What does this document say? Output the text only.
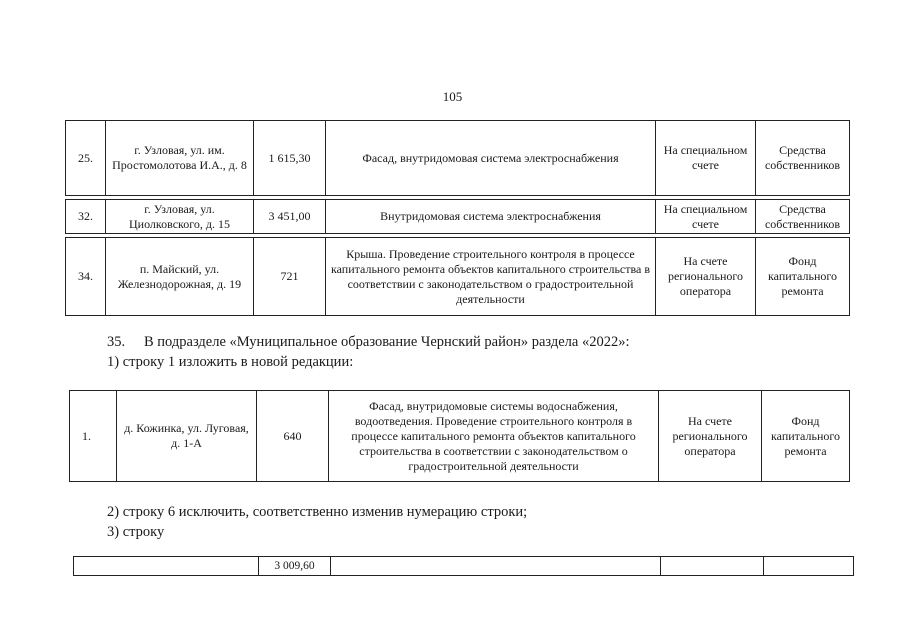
105
25.	г. Узловая, ул. им. Простомолотова И.А., д. 8	1 615,30	Фасад, внутридомовая система электроснабжения	На специальном счете	Средства собственников
32.	г. Узловая, ул. Циолковского, д. 15	3 451,00	Внутридомовая система электроснабжения	На специальном счете	Средства собственников
34.	п. Майский, ул. Железнодорожная, д. 19	721	Крыша. Проведение строительного контроля в процессе капитального ремонта объектов капитального строительства в соответствии с законодательством о градостроительной деятельности	На счете регионального оператора	Фонд капитального ремонта
35. В подразделе «Муниципальное образование Чернский район» раздела «2022»:
1) строку 1 изложить в новой редакции:
1.	д. Кожинка, ул. Луговая, д. 1-А	640	Фасад, внутридомовые системы водоснабжения, водоотведения. Проведение строительного контроля в процессе капитального ремонта объектов капитального строительства в соответствии с законодательством о градостроительной деятельности	На счете регионального оператора	Фонд капитального ремонта
2) строку 6 исключить, соответственно изменив нумерацию строки;
3) строку
	3 009,60			
